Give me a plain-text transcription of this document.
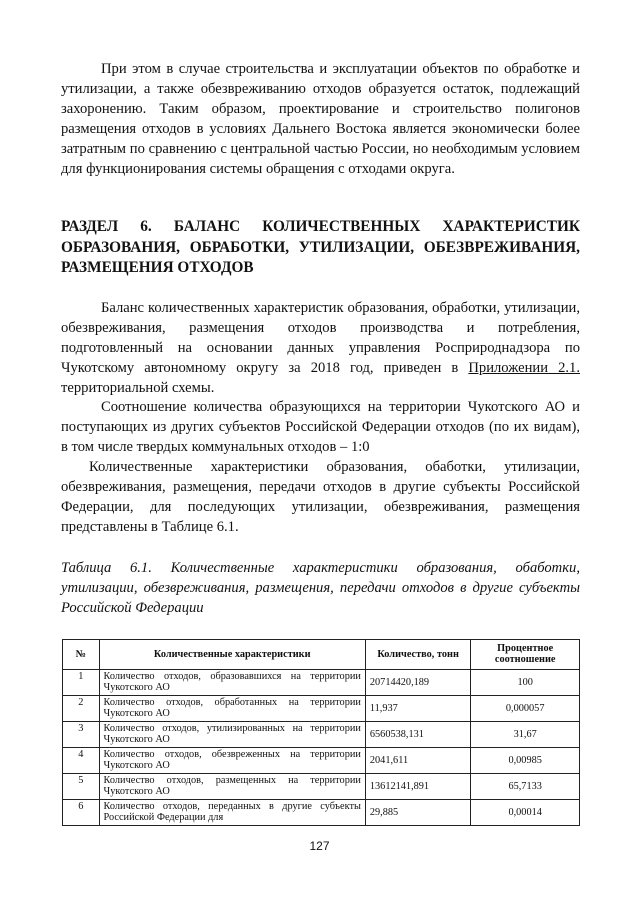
При этом в случае строительства и эксплуатации объектов по обработке и утилизации, а также обезвреживанию отходов образуется остаток, подлежащий захоронению. Таким образом, проектирование и строительство полигонов размещения отходов в условиях Дальнего Востока является экономически более затратным по сравнению с центральной частью России, но необходимым условием для функционирования системы обращения с отходами округа.

РАЗДЕЛ 6. БАЛАНС КОЛИЧЕСТВЕННЫХ ХАРАКТЕРИСТИК ОБРАЗОВАНИЯ, ОБРАБОТКИ, УТИЛИЗАЦИИ, ОБЕЗВРЕЖИВАНИЯ, РАЗМЕЩЕНИЯ ОТХОДОВ

Баланс количественных характеристик образования, обработки, утилизации, обезвреживания, размещения отходов производства и потребления, подготовленный на основании данных управления Росприроднадзора по Чукотскому автономному округу за 2018 год, приведен в Приложении 2.1. территориальной схемы.

Соотношение количества образующихся на территории Чукотского АО и поступающих из других субъектов Российской Федерации отходов (по их видам), в том числе твердых коммунальных отходов – 1:0

Количественные характеристики образования, обаботки, утилизации, обезвреживания, размещения, передачи отходов в другие субъекты Российской Федерации, для последующих утилизации, обезвреживания, размещения представлены в Таблице 6.1.

Таблица 6.1. Количественные характеристики образования, обаботки, утилизации, обезвреживания, размещения, передачи отходов в другие субъекты Российской Федерации

№	Количественные характеристики	Количество, тонн	Процентное соотношение
1	Количество отходов, образовавшихся на территории Чукотского АО	20714420,189	100
2	Количество отходов, обработанных на территории Чукотского АО	11,937	0,000057
3	Количество отходов, утилизированных на территории Чукотского АО	6560538,131	31,67
4	Количество отходов, обезвреженных на территории Чукотского АО	2041,611	0,00985
5	Количество отходов, размещенных на территории Чукотского АО	13612141,891	65,7133
6	Количество отходов, переданных в другие субъекты Российской Федерации для	29,885	0,00014
127
